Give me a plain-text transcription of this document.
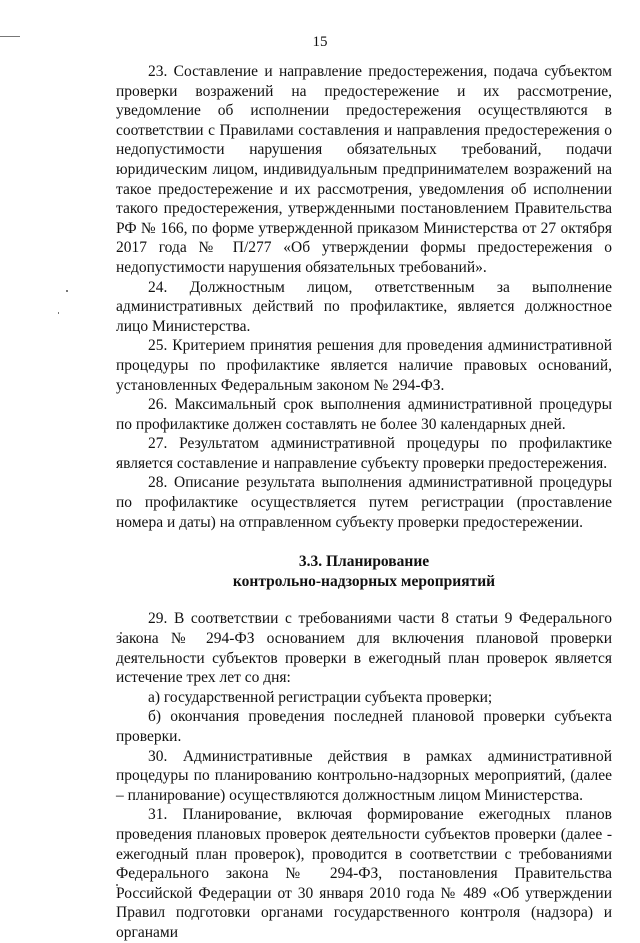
15

23. Составление и направление предостережения, подача субъектом проверки возражений на предостережение и их рассмотрение, уведомление об исполнении предостережения осуществляются в соответствии с Правилами составления и направления предостережения о недопустимости нарушения обязательных требований, подачи юридическим лицом, индивидуальным предпринимателем возражений на такое предостережение и их рассмотрения, уведомления об исполнении такого предостережения, утвержденными постановлением Правительства РФ № 166, по форме утвержденной приказом Министерства от 27 октября 2017 года № П/277 «Об утверждении формы предостережения о недопустимости нарушения обязательных требований».

24. Должностным лицом, ответственным за выполнение административных действий по профилактике, является должностное лицо Министерства.

25. Критерием принятия решения для проведения административной процедуры по профилактике является наличие правовых оснований, установленных Федеральным законом № 294-ФЗ.

26. Максимальный срок выполнения административной процедуры по профилактике должен составлять не более 30 календарных дней.

27. Результатом административной процедуры по профилактике является составление и направление субъекту проверки предостережения.

28. Описание результата выполнения административной процедуры по профилактике осуществляется путем регистрации (проставление номера и даты) на отправленном субъекту проверки предостережении.

3.3. Планирование

контрольно-надзорных мероприятий

29. В соответствии с требованиями части 8 статьи 9 Федерального закона № 294-ФЗ основанием для включения плановой проверки деятельности субъектов проверки в ежегодный план проверок является истечение трех лет со дня:

а) государственной регистрации субъекта проверки;

б) окончания проведения последней плановой проверки субъекта проверки.

30. Административные действия в рамках административной процедуры по планированию контрольно-надзорных мероприятий, (далее – планирование) осуществляются должностным лицом Министерства.

31. Планирование, включая формирование ежегодных планов проведения плановых проверок деятельности субъектов проверки (далее - ежегодный план проверок), проводится в соответствии с требованиями Федерального закона № 294-ФЗ, постановления Правительства Российской Федерации от 30 января 2010 года № 489 «Об утверждении Правил подготовки органами государственного контроля (надзора) и органами
